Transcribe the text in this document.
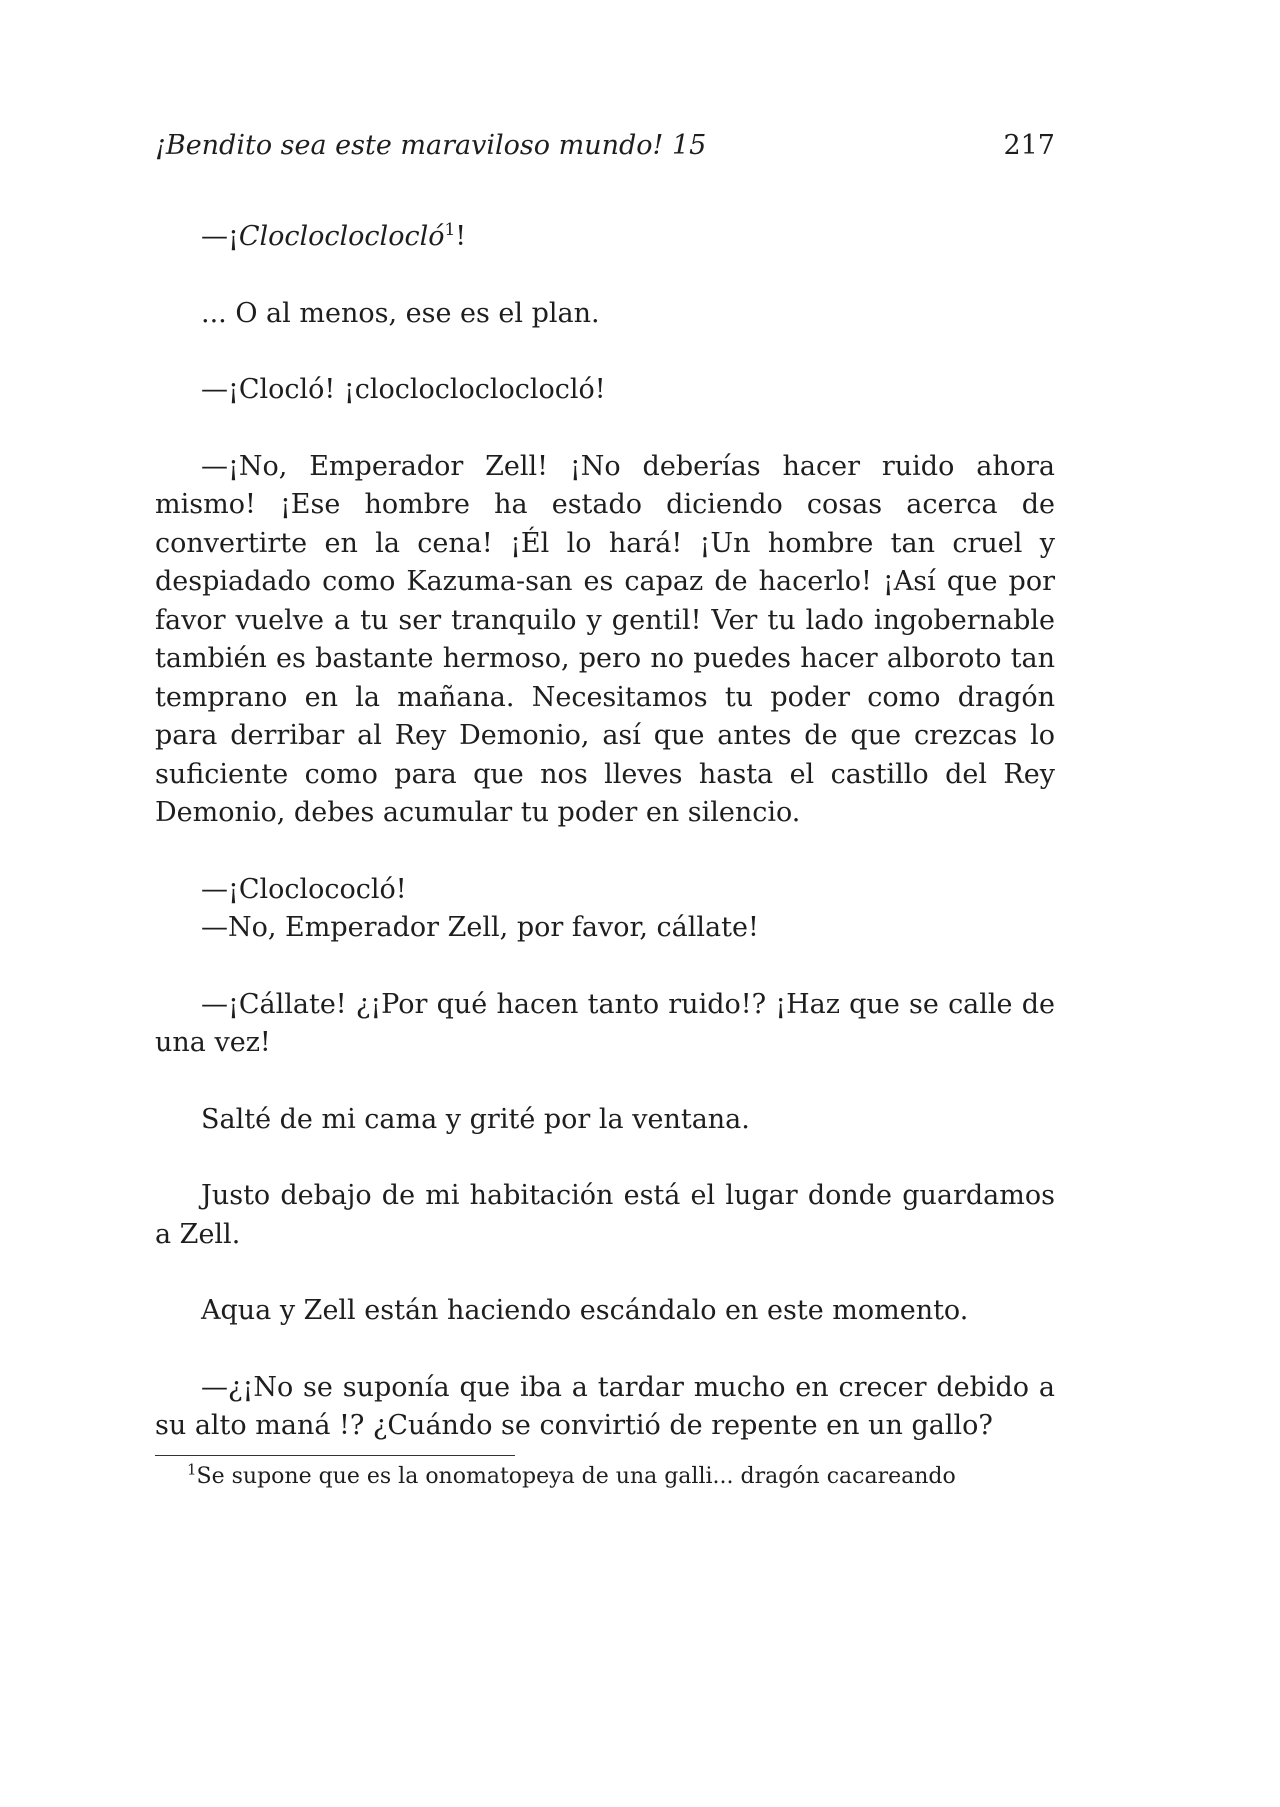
¡Bendito sea este maraviloso mundo! 15	217

—¡Cloclocloclocló$^1$!

... O al menos, ese es el plan.

—¡Clocló! ¡clocloclocloclocló!

—¡No, Emperador Zell! ¡No deberías hacer ruido ahora mismo! ¡Ese hombre ha estado diciendo cosas acerca de convertirte en la cena! ¡Él lo hará! ¡Un hombre tan cruel y despiadado como Kazuma-san es capaz de hacerlo! ¡Así que por favor vuelve a tu ser tranquilo y gentil! Ver tu lado ingobernable también es bastante hermoso, pero no puedes hacer alboroto tan temprano en la mañana. Necesitamos tu poder como dragón para derribar al Rey Demonio, así que antes de que crezcas lo suficiente como para que nos lleves hasta el castillo del Rey Demonio, debes acumular tu poder en silencio.

—¡Cloclococló!

—No, Emperador Zell, por favor, cállate!

—¡Cállate! ¿¡Por qué hacen tanto ruido!? ¡Haz que se calle de una vez!

Salté de mi cama y grité por la ventana.

Justo debajo de mi habitación está el lugar donde guardamos a Zell.

Aqua y Zell están haciendo escándalo en este momento.

—¿¡No se suponía que iba a tardar mucho en crecer debido a su alto maná !? ¿Cuándo se convirtió de repente en un gallo?

$^1$Se supone que es la onomatopeya de una galli... dragón cacareando
